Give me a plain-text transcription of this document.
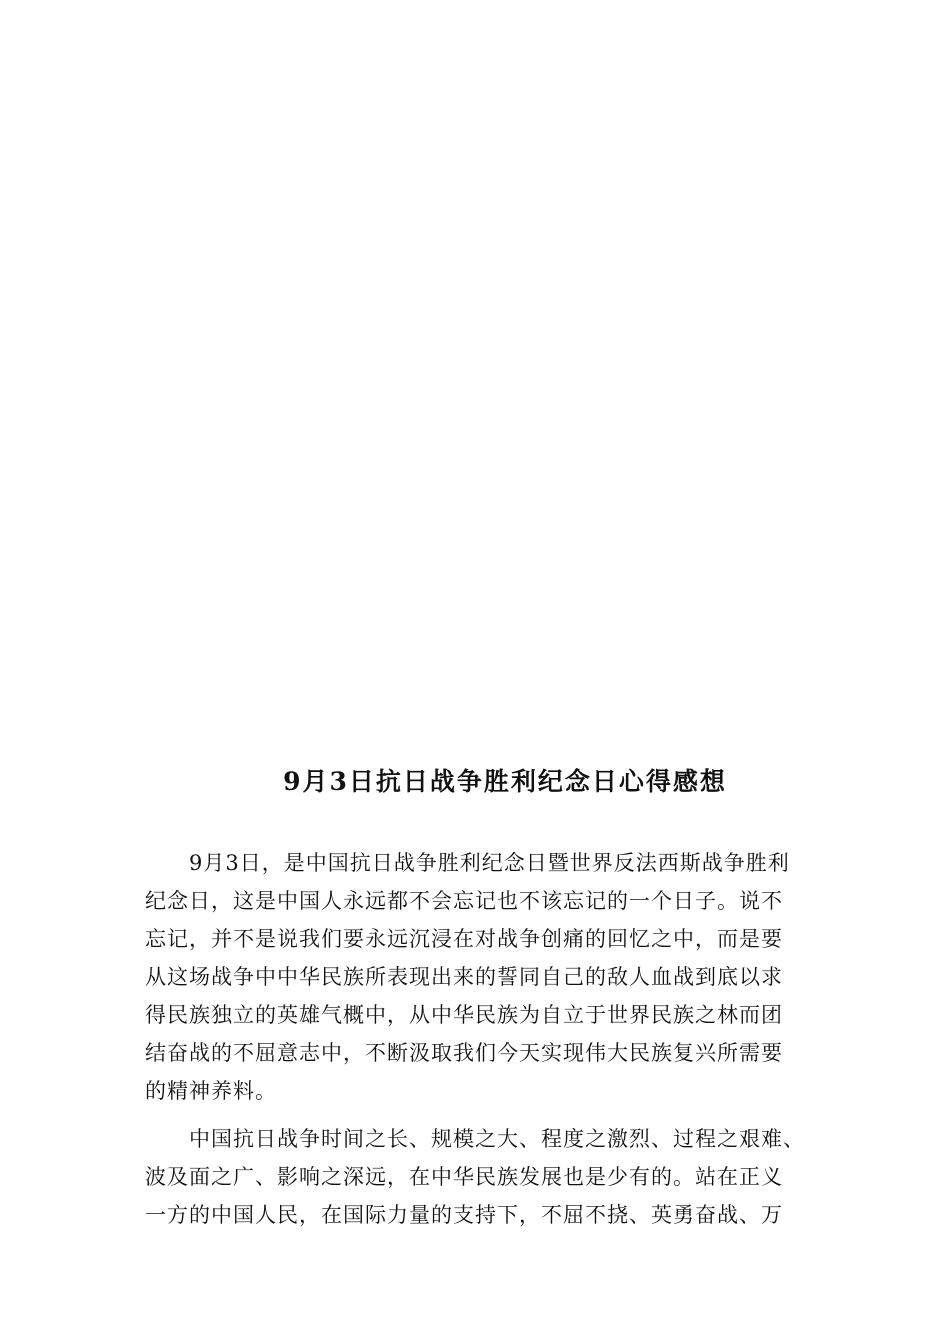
9月3日抗日战争胜利纪念日心得感想
9月3日，是中国抗日战争胜利纪念日暨世界反法西斯战争胜利
纪念日，这是中国人永远都不会忘记也不该忘记的一个日子。说不
忘记，并不是说我们要永远沉浸在对战争创痛的回忆之中，而是要
从这场战争中中华民族所表现出来的誓同自己的敌人血战到底以求
得民族独立的英雄气概中，从中华民族为自立于世界民族之林而团
结奋战的不屈意志中，不断汲取我们今天实现伟大民族复兴所需要
的精神养料。
中国抗日战争时间之长、规模之大、程度之激烈、过程之艰难、
波及面之广、影响之深远，在中华民族发展也是少有的。站在正义
一方的中国人民，在国际力量的支持下，不屈不挠、英勇奋战、万
